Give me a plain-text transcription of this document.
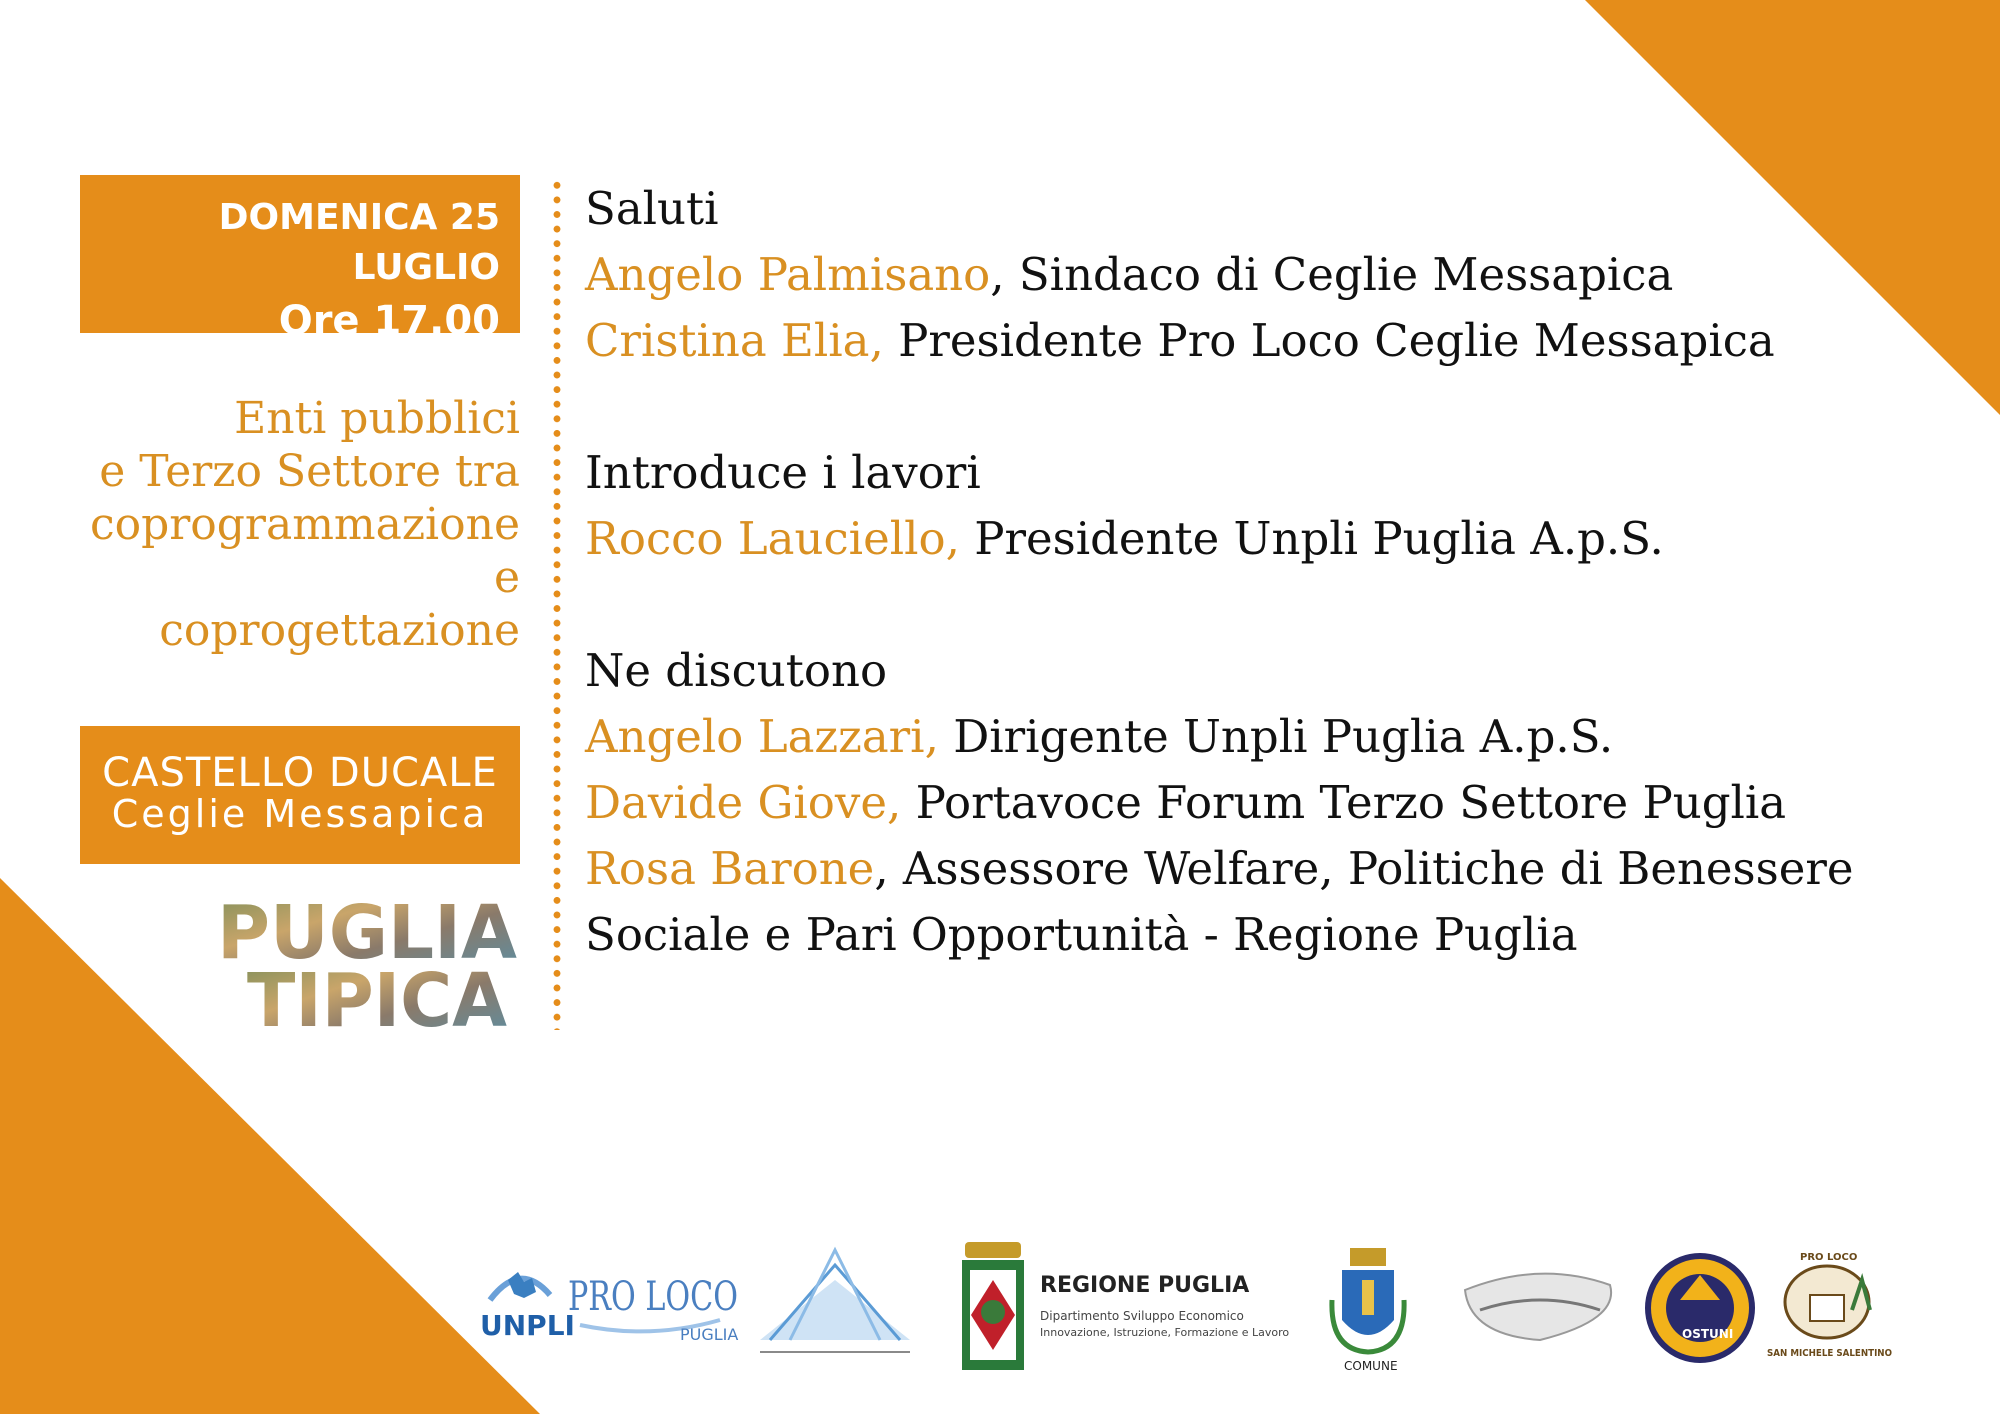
DOMENICA 25 LUGLIO
Ore 17.00
Enti pubblici
e Terzo Settore tra
coprogrammazione
e
coprogettazione
CASTELLO DUCALE
Ceglie Messapica
PUGLIA
TIPICA
Saluti
Angelo Palmisano, Sindaco di Ceglie Messapica
Cristina Elia, Presidente Pro Loco Ceglie Messapica
Introduce i lavori
Rocco Lauciello, Presidente Unpli Puglia A.p.S.
Ne discutono
Angelo Lazzari, Dirigente Unpli Puglia A.p.S.
Davide Giove, Portavoce Forum Terzo Settore Puglia
Rosa Barone, Assessore Welfare, Politiche di Benessere
Sociale e Pari Opportunità - Regione Puglia
UNPLI
PRO LOCO
PUGLIA
REGIONE PUGLIA
Dipartimento Sviluppo Economico
Innovazione, Istruzione, Formazione e Lavoro
COMUNE
OSTUNI
PRO LOCO
SAN MICHELE SALENTINO
